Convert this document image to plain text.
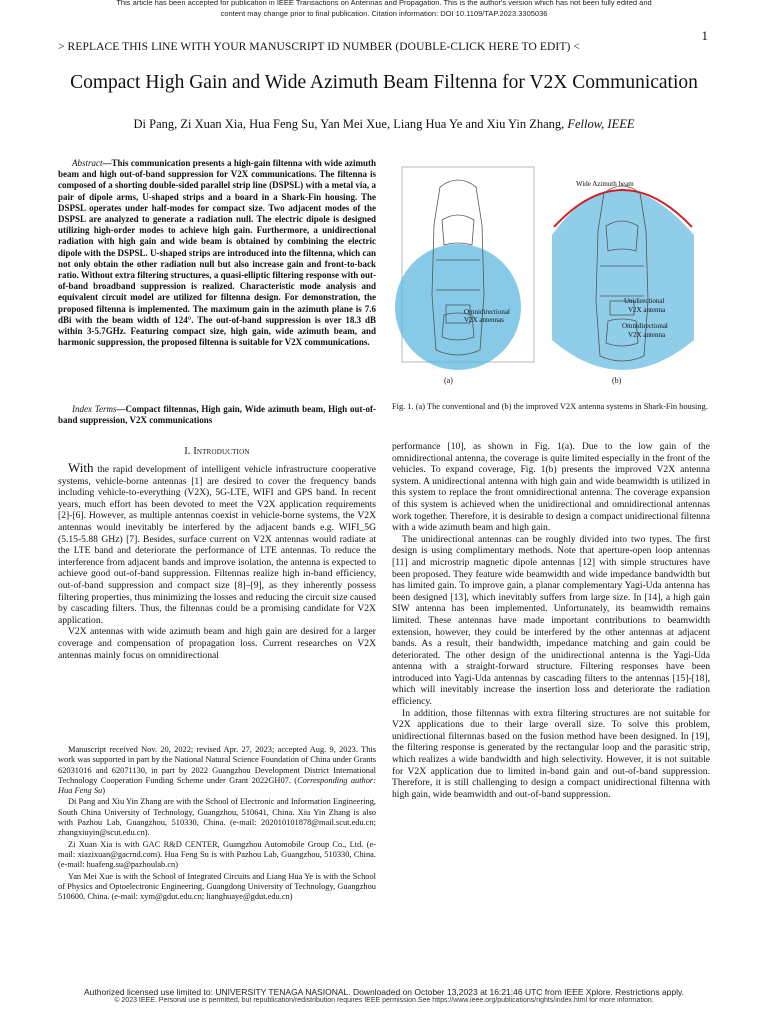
This article has been accepted for publication in IEEE Transactions on Antennas and Propagation. This is the author's version which has not been fully edited and
content may change prior to final publication. Citation information: DOI 10.1109/TAP.2023.3305036
1
> REPLACE THIS LINE WITH YOUR MANUSCRIPT ID NUMBER (DOUBLE-CLICK HERE TO EDIT) <
Compact High Gain and Wide Azimuth Beam Filtenna for V2X Communication
Di Pang, Zi Xuan Xia, Hua Feng Su, Yan Mei Xue, Liang Hua Ye and Xiu Yin Zhang, Fellow, IEEE
Abstract—This communication presents a high-gain filtenna with wide azimuth beam and high out-of-band suppression for V2X communications. The filtenna is composed of a shorting double-sided parallel strip line (DSPSL) with a metal via, a pair of dipole arms, U-shaped strips and a board in a Shark-Fin housing. The DSPSL operates under half-modes for compact size. Two adjacent modes of the DSPSL are analyzed to generate a radiation null. The electric dipole is designed utilizing high-order modes to achieve high gain. Furthermore, a unidirectional radiation with high gain and wide beam is obtained by combining the electric dipole with the DSPSL. U-shaped strips are introduced into the filtenna, which can not only obtain the other radiation null but also increase gain and front-to-back ratio. Without extra filtering structures, a quasi-elliptic filtering response with out-of-band broadband suppression is realized. Characteristic mode analysis and equivalent circuit model are utilized for filtenna design. For demonstration, the proposed filtenna is implemented. The maximum gain in the azimuth plane is 7.6 dBi with the beam width of 124°. The out-of-band suppression is over 18.3 dB within 3-5.7GHz. Featuring compact size, high gain, wide azimuth beam, and harmonic suppression, the proposed filtenna is suitable for V2X communications.
Index Terms—Compact filtennas, High gain, Wide azimuth beam, High out-of-band suppression, V2X communications
I. Introduction

With the rapid development of intelligent vehicle infrastructure cooperative systems, vehicle-borne antennas [1] are desired to cover the frequency bands including vehicle-to-everything (V2X), 5G-LTE, WIFI and GPS band. In recent years, much effort has been devoted to meet the V2X application requirements [2]-[6]. However, as multiple antennas coexist in vehicle-borne systems, the V2X antennas would inevitably be interfered by the adjacent bands e.g. WIFI_5G (5.15-5.88 GHz) [7]. Besides, surface current on V2X antennas would radiate at the LTE band and deteriorate the performance of LTE antennas. To reduce the interference from adjacent bands and improve isolation, the antenna is expected to achieve good out-of-band suppression. Filtennas realize high in-band efficiency, out-of-band suppression and compact size [8]–[9], as they inherently possess filtering properties, thus minimizing the losses and reducing the circuit size caused by cascading filters. Thus, the filtennas could be a promising candidate for V2X application.

V2X antennas with wide azimuth beam and high gain are desired for a larger coverage and compensation of propagation loss. Current researches on V2X antennas mainly focus on omnidirectional

Manuscript received Nov. 20, 2022; revised Apr. 27, 2023; accepted Aug. 9, 2023. This work was supported in part by the National Natural Science Foundation of China under Grants 62031016 and 62071130, in part by 2022 Guangzhou Development District International Technology Cooperation Funding Scheme under Grant 2022GH07. (Corresponding author: Hua Feng Su)

Di Pang and Xiu Yin Zhang are with the School of Electronic and Information Engineering, South China University of Technology, Guangzhou, 510641, China. Xiu Yin Zhang is also with Pazhou Lab, Guangzhou, 510330, China. (e-mail: 202010101878@mail.scut.edu.cn; zhangxiuyin@scut.edu.cn).

Zi Xuan Xia is with GAC R&D CENTER, Guangzhou Automobile Group Co., Ltd. (e-mail: xiazixuan@gacrnd.com). Hua Feng Su is with Pazhou Lab, Guangzhou, 510330, China. (e-mail: huafeng.su@pazhoulab.cn)

Yan Mei Xue is with the School of Integrated Circuits and Liang Hua Ye is with the School of Physics and Optoelectronic Engineering, Guangdong University of Technology, Guangzhou 510600, China. (e-mail: xym@gdut.edu.cn; lianghuaye@gdut.edu.cn)

Omnidirectional
V2X antennas
(a)
Wide Azimuth beam
Unidirectional
V2X antenna
Omnidirectional
V2X antenna
(b)
Fig. 1. (a) The conventional and (b) the improved V2X antenna systems in Shark-Fin housing.

performance [10], as shown in Fig. 1(a). Due to the low gain of the omnidirectional antenna, the coverage is quite limited especially in the front of the vehicles. To expand coverage, Fig. 1(b) presents the improved V2X antenna system. A unidirectional antenna with high gain and wide beamwidth is utilized in this system to replace the front omnidirectional antenna. The coverage expansion of this system is achieved when the unidirectional and omnidirectional antennas work together. Therefore, it is desirable to design a compact unidirectional filtenna with a wide azimuth beam and high gain.

The unidirectional antennas can be roughly divided into two types. The first design is using complimentary methods. Note that aperture-open loop antennas [11] and microstrip magnetic dipole antennas [12] with simple structures have been proposed. They feature wide beamwidth and wide impedance bandwidth but has limited gain. To improve gain, a planar complementary Yagi-Uda antenna has been designed [13], which inevitably suffers from large size. In [14], a high gain SIW antenna has been implemented. Unfortunately, its beamwidth remains limited. These antennas have made important contributions to beamwidth extension, however, they could be interfered by the other antennas at adjacent bands. As a result, their bandwidth, impedance matching and gain could be deteriorated. The other design of the unidirectional antenna is the Yagi-Uda antenna with a straight-forward structure. Filtering responses have been introduced into Yagi-Uda antennas by cascading filters to the antennas [15]-[18], which will inevitably increase the insertion loss and deteriorate the radiation efficiency.

In addition, those filtennas with extra filtering structures are not suitable for V2X applications due to their large overall size. To solve this problem, unidirectional filternnas based on the fusion method have been designed. In [19], the filtering response is generated by the rectangular loop and the parasitic strip, which realizes a wide bandwidth and high selectivity. However, it is not suitable for V2X application due to limited in-band gain and out-of-band suppression. Therefore, it is still challenging to design a compact unidirectional filtenna with high gain, wide beamwidth and out-of-band suppression.

Authorized licensed use limited to: UNIVERSITY TENAGA NASIONAL. Downloaded on October 13,2023 at 16:21:46 UTC from IEEE Xplore. Restrictions apply.
© 2023 IEEE. Personal use is permitted, but republication/redistribution requires IEEE permission.See https://www.ieee.org/publications/rights/index.html for more information.
